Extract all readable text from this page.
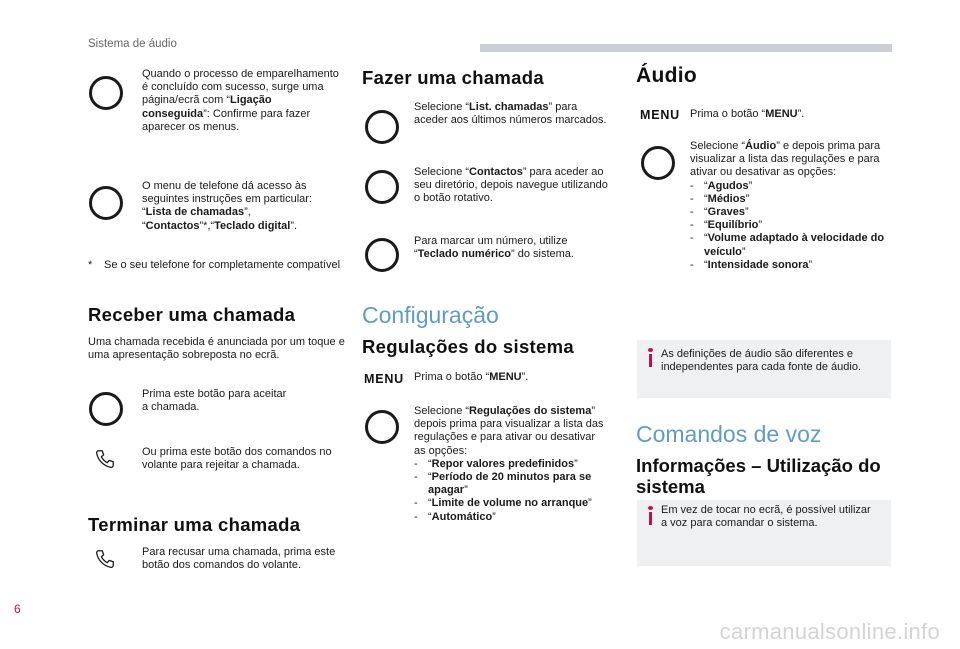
Sistema de áudio
6
Quando o processo de emparelhamento é concluído com sucesso, surge uma página/ecrã com “Ligação conseguida”: Confirme para fazer aparecer os menus.
O menu de telefone dá acesso às seguintes instruções em particular: “Lista de chamadas”, “Contactos”*,“Teclado digital”.
* Se o seu telefone for completamente compatível
Receber uma chamada
Uma chamada recebida é anunciada por um toque e uma apresentação sobreposta no ecrã.
Prima este botão para aceitar a chamada.
Ou prima este botão dos comandos no volante para rejeitar a chamada.
Terminar uma chamada
Para recusar uma chamada, prima este botão dos comandos do volante.
Fazer uma chamada
Selecione “List. chamadas” para aceder aos últimos números marcados.
Selecione “Contactos” para aceder ao seu diretório, depois navegue utilizando o botão rotativo.
Para marcar um número, utilize “Teclado numérico” do sistema.
Configuração
Regulações do sistema
MENU Prima o botão “MENU”.
Selecione “Regulações do sistema” depois prima para visualizar a lista das regulações e para ativar ou desativar as opções:
- “Repor valores predefinidos”
- “Período de 20 minutos para se apagar”
- “Limite de volume no arranque”
- “Automático”
Áudio
MENU Prima o botão “MENU”.
Selecione “Áudio” e depois prima para visualizar a lista das regulações e para ativar ou desativar as opções:
- “Agudos”
- “Médios”
- “Graves”
- “Equilíbrio”
- “Volume adaptado à velocidade do veículo”
- “Intensidade sonora”
As definições de áudio são diferentes e independentes para cada fonte de áudio.
Comandos de voz
Informações – Utilização do sistema
Em vez de tocar no ecrã, é possível utilizar a voz para comandar o sistema.
carmanualsonline.info
